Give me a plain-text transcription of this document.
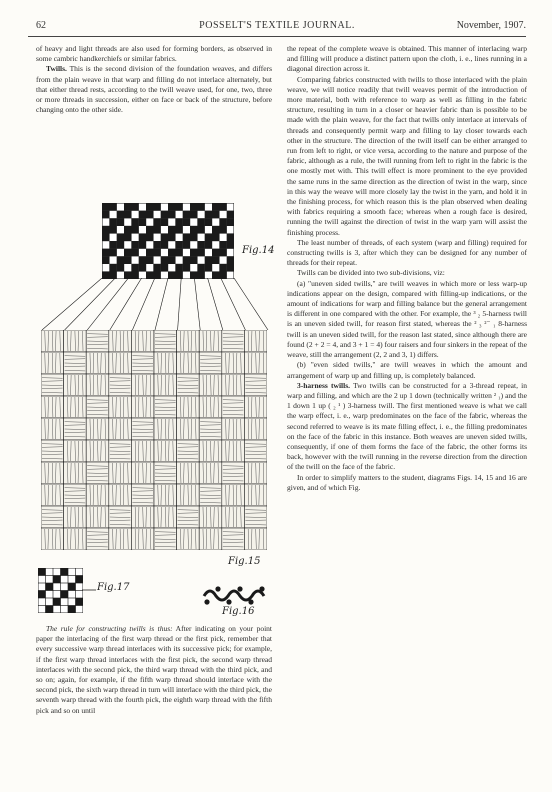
62	POSSELT'S TEXTILE JOURNAL.	November, 1907.

of heavy and light threads are also used for forming borders, as observed in some cambric handkerchiefs or similar fabrics.

Twills. This is the second division of the foundation weaves, and differs from the plain weave in that warp and filling do not interlace alternately, but that either thread rests, according to the twill weave used, for one, two, three or more threads in succession, either on face or back of the structure, before changing onto the other side.

Fig.14
Fig.15
Fig.17
Fig.16

The rule for constructing twills is thus: After indicating on your point paper the interlacing of the first warp thread or the first pick, remember that every successive warp thread interlaces with its successive pick; for example, if the first warp thread interlaces with the first pick, the second warp thread interlaces with the second pick, the third warp thread with the third pick, and so on; again, for example, if the fifth warp thread should interlace with the second pick, the sixth warp thread in turn will interlace with the third pick, the seventh warp thread with the fourth pick, the eighth warp thread with the fifth pick and so on until

the repeat of the complete weave is obtained. This manner of interlacing warp and filling will produce a distinct pattern upon the cloth, i. e., lines running in a diagonal direction across it.

Comparing fabrics constructed with twills to those interlaced with the plain weave, we will notice readily that twill weaves permit of the introduction of more material, both with reference to warp as well as filling in the fabric structure, resulting in turn in a closer or heavier fabric than is possible to be made with the plain weave, for the fact that twills only interlace at intervals of threads and consequently permit warp and filling to lay closer towards each other in the structure. The direction of the twill itself can be either arranged to run from left to right, or vice versa, according to the nature and purpose of the fabric, although as a rule, the twill running from left to right in the fabric is the one mostly met with. This twill effect is more prominent to the eye provided the same runs in the same direction as the direction of twist in the warp, since in this way the weave will more closely lay the twist in the yarn, and hold it in the finishing process, for which reason this is the plan observed when dealing with fabrics requiring a smooth face; whereas when a rough face is desired, running the twill against the direction of twist in the warp yarn will assist the finishing process.

The least number of threads, of each system (warp and filling) required for constructing twills is 3, after which they can be designed for any number of threads for their repeat.

Twills can be divided into two sub-divisions, viz:

(a) "uneven sided twills," are twill weaves in which more or less warp-up indications appear on the design, compared with filling-up indications, or the amount of indications for warp and filling balance but the general arrangement is different in one compared with the other. For example, the ³ ₂ 5-harness twill is an uneven sided twill, for reason first stated, whereas the ² ₃ ²⁻ ₁ 8-harness twill is an uneven sided twill, for the reason last stated, since although there are found (2 + 2 = 4, and 3 + 1 = 4) four raisers and four sinkers in the repeat of the weave, still the arrangement (2, 2 and 3, 1) differs.

(b) "even sided twills," are twill weaves in which the amount and arrangement of warp up and filling up, is completely balanced.

3-harness twills. Two twills can be constructed for a 3-thread repeat, in warp and filling, and which are the 2 up 1 down (technically written ² ₁) and the 1 down 1 up ( ₂ ¹ ) 3-harness twill. The first mentioned weave is what we call the warp effect, i. e., warp predominates on the face of the fabric, whereas the second referred to weave is its mate filling effect, i. e., the filling predominates on the face of the fabric in this instance. Both weaves are uneven sided twills, consequently, if one of them forms the face of the fabric, the other forms its back, however with the twill running in the reverse direction from the direction of the twill on the face of the fabric.

In order to simplify matters to the student, diagrams Figs. 14, 15 and 16 are given, and of which Fig.
